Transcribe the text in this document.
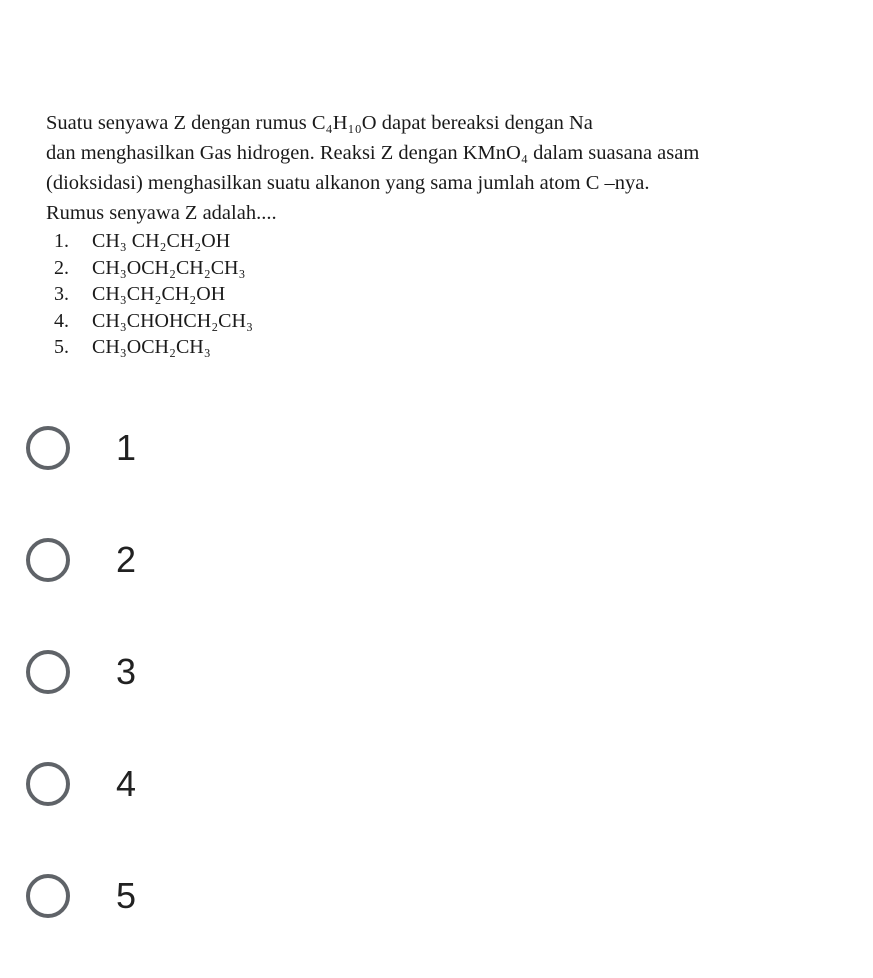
Suatu senyawa Z dengan rumus C₄H₁₀O dapat bereaksi dengan Na
dan menghasilkan Gas hidrogen. Reaksi Z dengan KMnO₄ dalam suasana asam
(dioksidasi) menghasilkan suatu alkanon yang sama jumlah atom C –nya.
Rumus senyawa Z adalah....
1.	CH₃ CH₂CH₂OH
2.	CH₃OCH₂CH₂CH₃
3.	CH₃CH₂CH₂OH
4.	CH₃CHOHCH₂CH₃
5.	CH₃OCH₂CH₃
1
2
3
4
5
